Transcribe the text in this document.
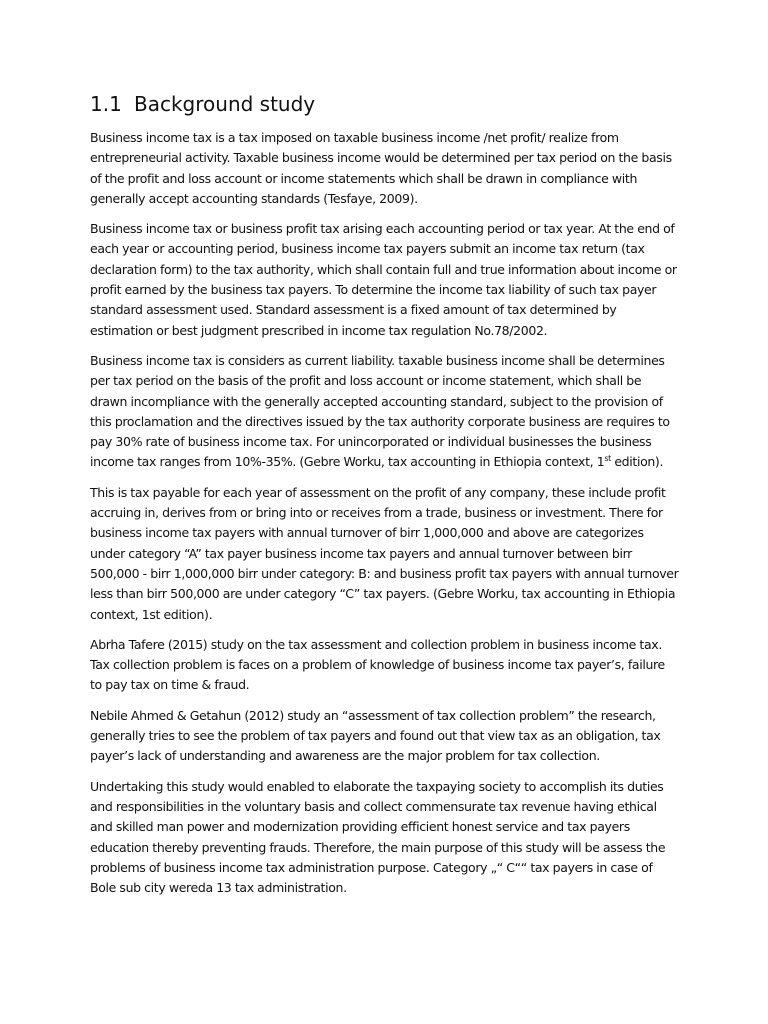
1.1 Background study

Business income tax is a tax imposed on taxable business income /net profit/ realize from entrepreneurial activity. Taxable business income would be determined per tax period on the basis of the profit and loss account or income statements which shall be drawn in compliance with generally accept accounting standards (Tesfaye, 2009).

Business income tax or business profit tax arising each accounting period or tax year. At the end of each year or accounting period, business income tax payers submit an income tax return (tax declaration form) to the tax authority, which shall contain full and true information about income or profit earned by the business tax payers. To determine the income tax liability of such tax payer standard assessment used. Standard assessment is a fixed amount of tax determined by estimation or best judgment prescribed in income tax regulation No.78/2002.

Business income tax is considers as current liability. taxable business income shall be determines per tax period on the basis of the profit and loss account or income statement, which shall be drawn incompliance with the generally accepted accounting standard, subject to the provision of this proclamation and the directives issued by the tax authority corporate business are requires to pay 30% rate of business income tax. For unincorporated or individual businesses the business income tax ranges from 10%-35%. (Gebre Worku, tax accounting in Ethiopia context, 1st edition).

This is tax payable for each year of assessment on the profit of any company, these include profit accruing in, derives from or bring into or receives from a trade, business or investment. There for business income tax payers with annual turnover of birr 1,000,000 and above are categorizes under category “A” tax payer business income tax payers and annual turnover between birr 500,000 - birr 1,000,000 birr under category: B: and business profit tax payers with annual turnover less than birr 500,000 are under category “C” tax payers. (Gebre Worku, tax accounting in Ethiopia context, 1st edition).

Abrha Tafere (2015) study on the tax assessment and collection problem in business income tax. Tax collection problem is faces on a problem of knowledge of business income tax payer’s, failure to pay tax on time & fraud.

Nebile Ahmed & Getahun (2012) study an “assessment of tax collection problem” the research, generally tries to see the problem of tax payers and found out that view tax as an obligation, tax payer’s lack of understanding and awareness are the major problem for tax collection.

Undertaking this study would enabled to elaborate the taxpaying society to accomplish its duties and responsibilities in the voluntary basis and collect commensurate tax revenue having ethical and skilled man power and modernization providing efficient honest service and tax payers education thereby preventing frauds. Therefore, the main purpose of this study will be assess the problems of business income tax administration purpose. Category „“ C““ tax payers in case of Bole sub city wereda 13 tax administration.
